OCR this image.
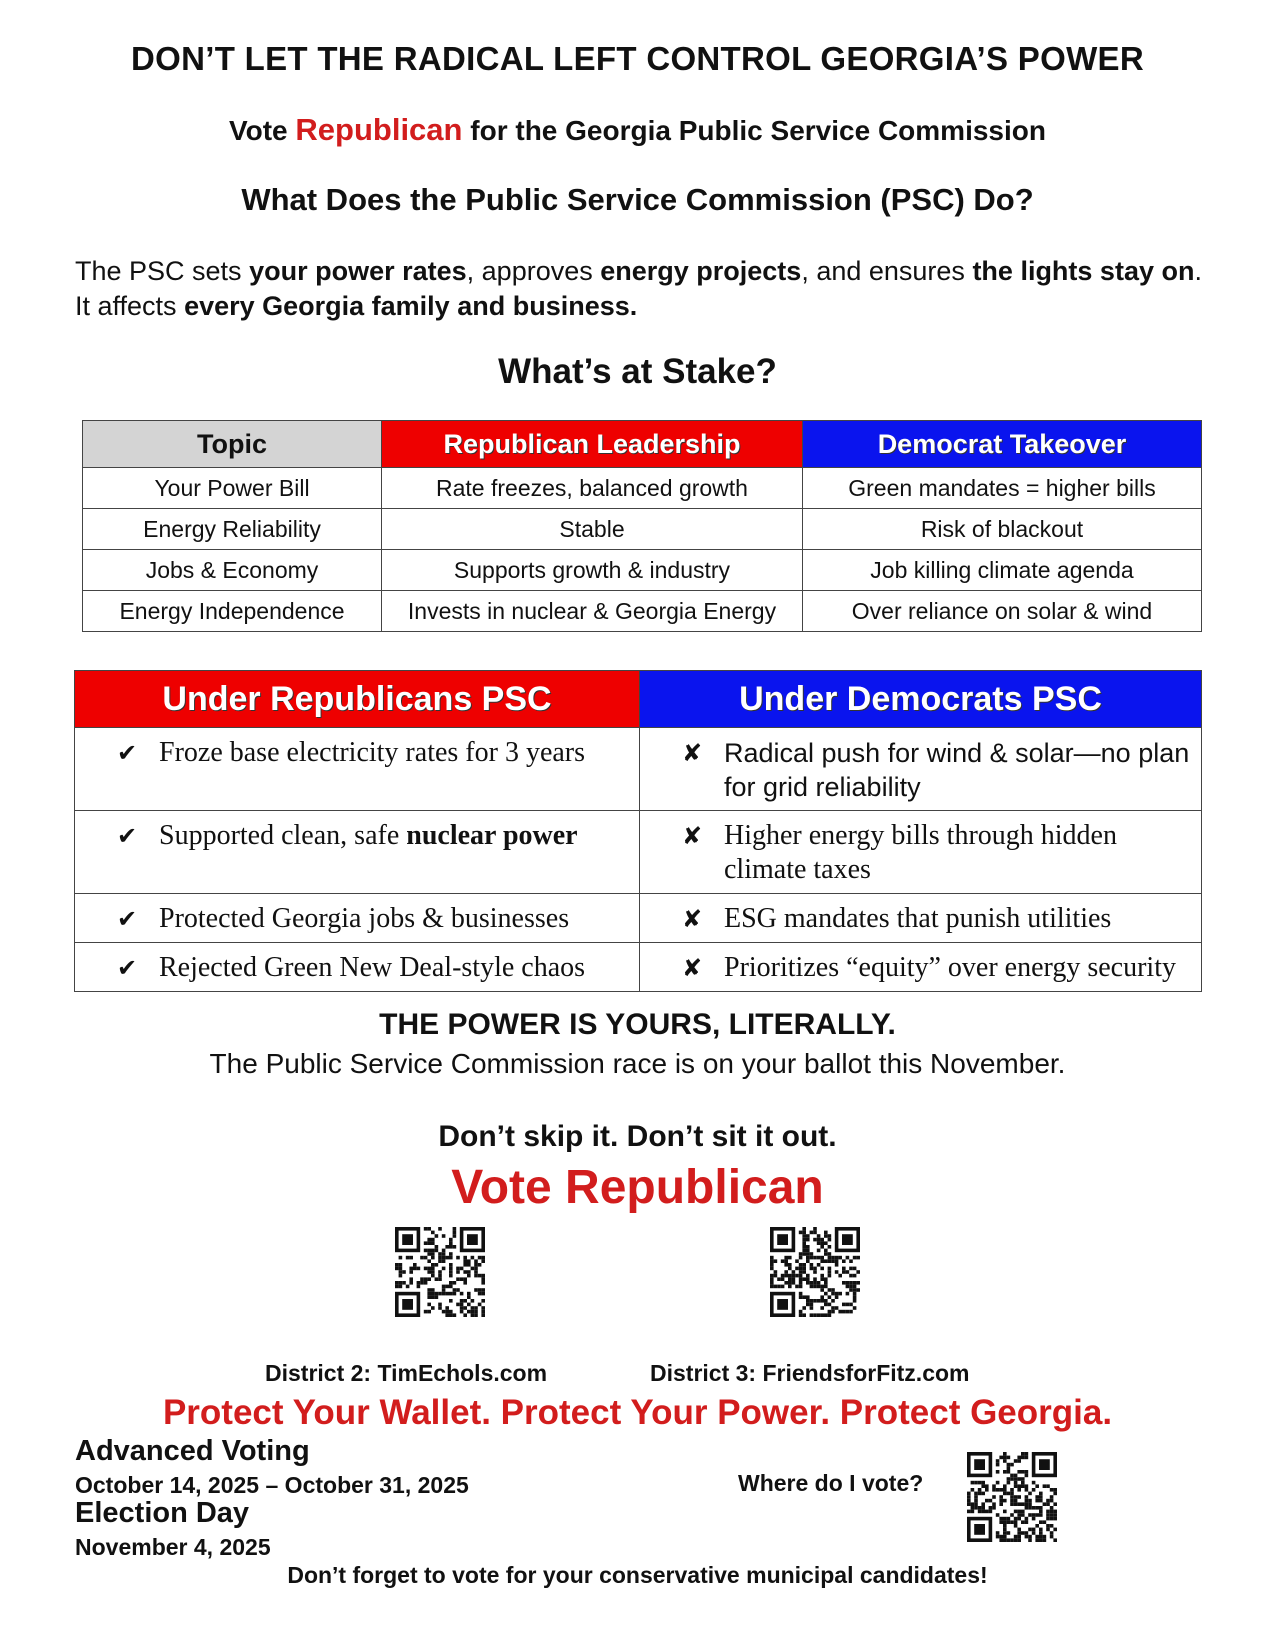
DON’T LET THE RADICAL LEFT CONTROL GEORGIA’S POWER
Vote Republican for the Georgia Public Service Commission
What Does the Public Service Commission (PSC) Do?
The PSC sets your power rates, approves energy projects, and ensures the lights stay on. It affects every Georgia family and business.
What’s at Stake?
Topic	Republican Leadership	Democrat Takeover
Your Power Bill	Rate freezes, balanced growth	Green mandates = higher bills
Energy Reliability	Stable	Risk of blackout
Jobs & Economy	Supports growth & industry	Job killing climate agenda
Energy Independence	Invests in nuclear & Georgia Energy	Over reliance on solar & wind
Under Republicans PSC	Under Democrats PSC

✔ Froze base electricity rates for 3 years	✘ Radical push for wind & solar—no plan for grid reliability

✔ Supported clean, safe nuclear power	✘ Higher energy bills through hidden climate taxes

✔ Protected Georgia jobs & businesses	✘ ESG mandates that punish utilities

✔ Rejected Green New Deal-style chaos	✘ Prioritizes “equity” over energy security
THE POWER IS YOURS, LITERALLY.
The Public Service Commission race is on your ballot this November.
Don’t skip it. Don’t sit it out.
Vote Republican
District 2: TimEchols.com	District 3: FriendsforFitz.com
Protect Your Wallet. Protect Your Power. Protect Georgia.
Advanced Voting
October 14, 2025 – October 31, 2025
Election Day
November 4, 2025
Where do I vote?
Don’t forget to vote for your conservative municipal candidates!
